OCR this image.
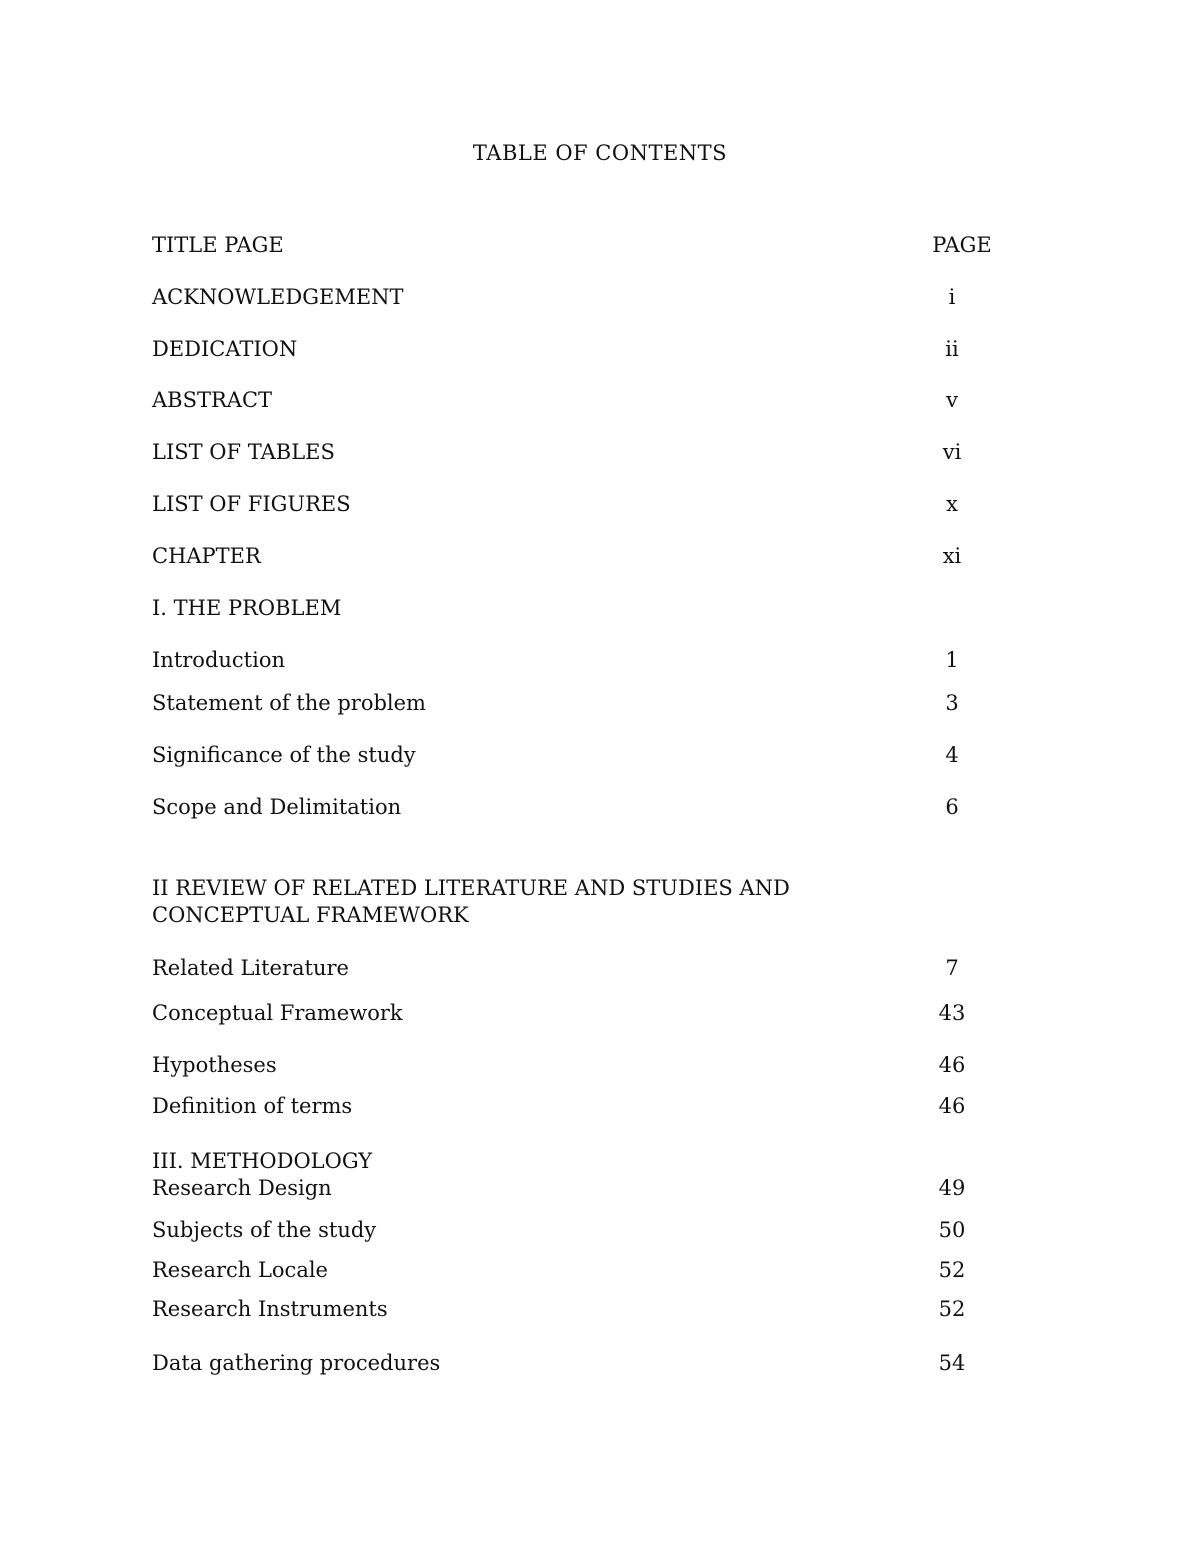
TABLE OF CONTENTS
TITLE PAGE	PAGE
ACKNOWLEDGEMENT	i
DEDICATION	ii
ABSTRACT	v
LIST OF TABLES	vi
LIST OF FIGURES	x
CHAPTER	xi
I. THE PROBLEM
Introduction	1
Statement of the problem	3
Significance of the study	4
Scope and Delimitation	6
II REVIEW OF RELATED LITERATURE AND STUDIES AND CONCEPTUAL FRAMEWORK
Related Literature	7
Conceptual Framework	43
Hypotheses	46
Definition of terms	46
III. METHODOLOGY
Research Design	49
Subjects of the study	50
Research Locale	52
Research Instruments	52
Data gathering procedures	54
